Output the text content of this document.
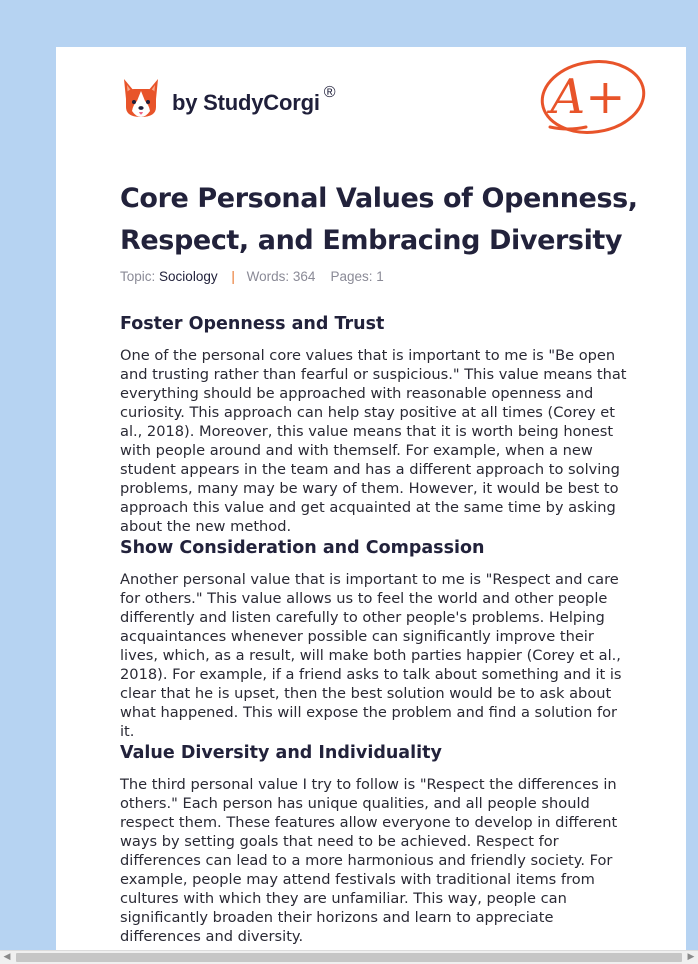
by StudyCorgi ®	A+
Core Personal Values of Openness, Respect, and Embracing Diversity
Topic: Sociology | Words: 364 Pages: 1
Foster Openness and Trust

One of the personal core values that is important to me is "Be open and trusting rather than fearful or suspicious." This value means that everything should be approached with reasonable openness and curiosity. This approach can help stay positive at all times (Corey et al., 2018). Moreover, this value means that it is worth being honest with people around and with themself. For example, when a new student appears in the team and has a different approach to solving problems, many may be wary of them. However, it would be best to approach this value and get acquainted at the same time by asking about the new method.

Show Consideration and Compassion

Another personal value that is important to me is "Respect and care for others." This value allows us to feel the world and other people differently and listen carefully to other people's problems. Helping acquaintances whenever possible can significantly improve their lives, which, as a result, will make both parties happier (Corey et al., 2018). For example, if a friend asks to talk about something and it is clear that he is upset, then the best solution would be to ask about what happened. This will expose the problem and find a solution for it.

Value Diversity and Individuality

The third personal value I try to follow is "Respect the differences in others." Each person has unique qualities, and all people should respect them. These features allow everyone to develop in different ways by setting goals that need to be achieved. Respect for differences can lead to a more harmonious and friendly society. For example, people may attend festivals with traditional items from cultures with which they are unfamiliar. This way, people can significantly broaden their horizons and learn to appreciate differences and diversity.

◀	▶
